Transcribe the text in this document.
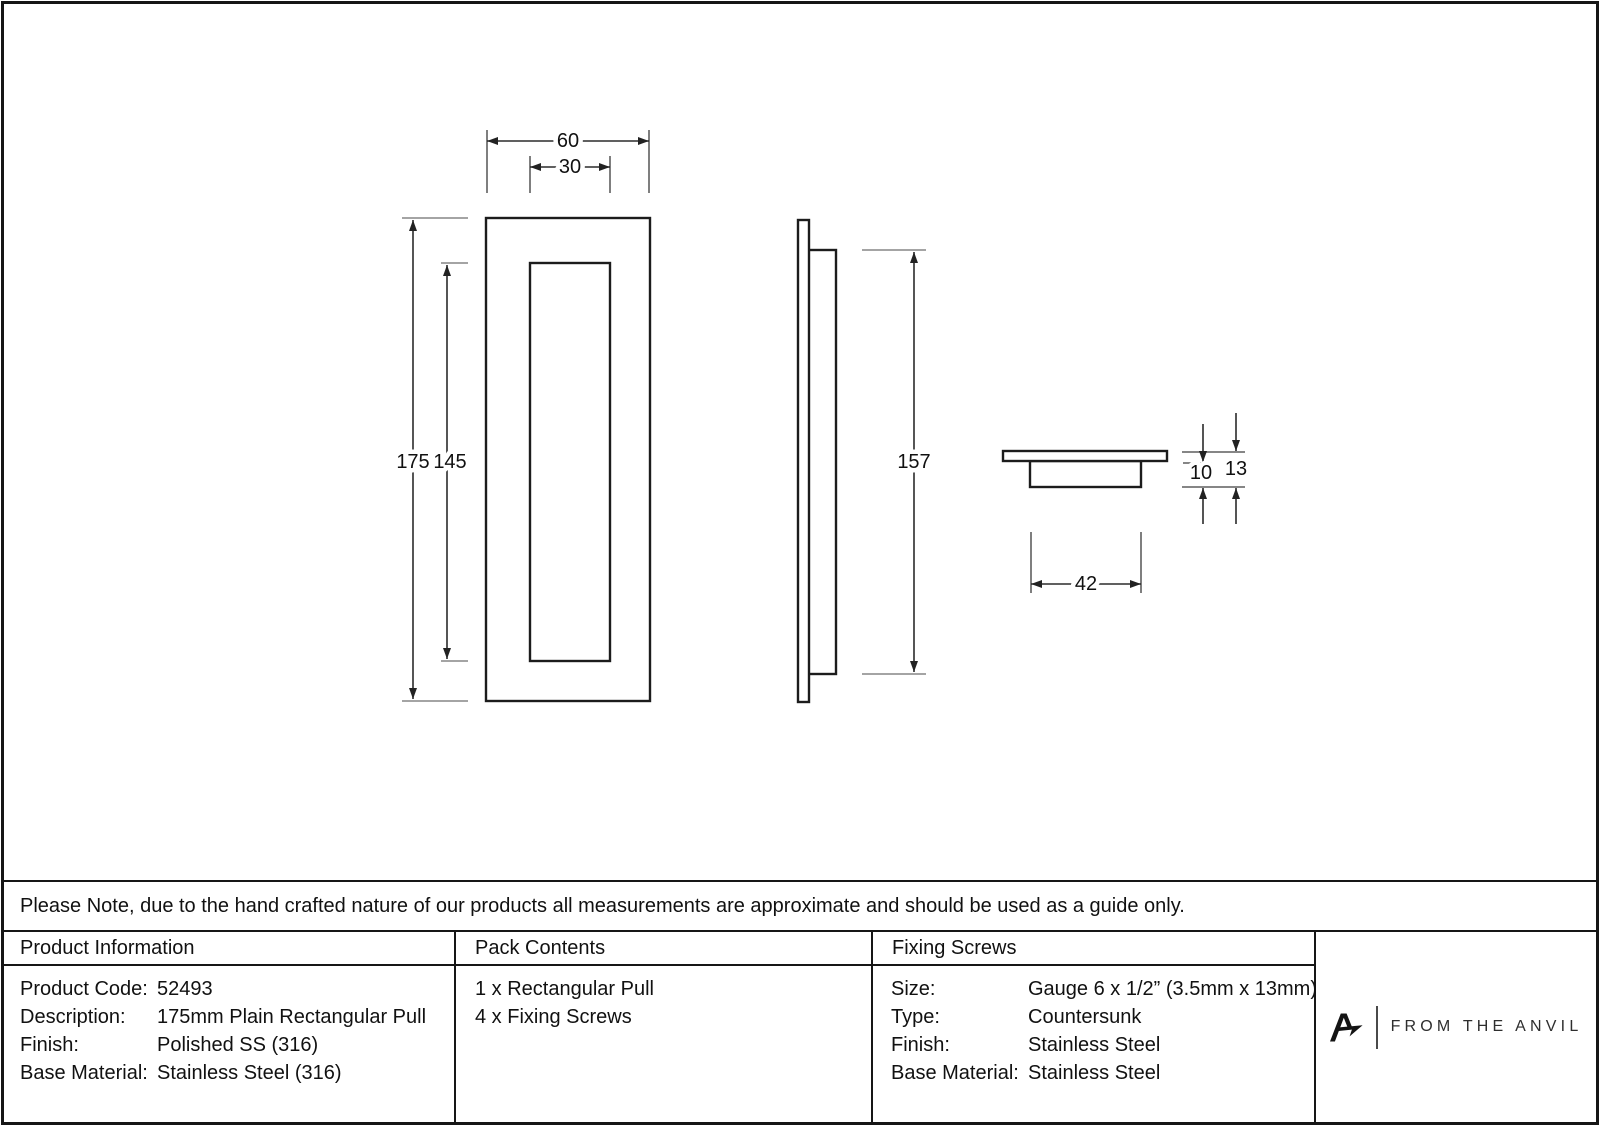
60
30
175 145	157	10 13
42
Please Note, due to the hand crafted nature of our products all measurements are approximate and should be used as a guide only.
Product Information
Product Code: 52493
Description:	175mm Plain Rectangular Pull
Finish:	Polished SS (316)
Base Material: Stainless Steel (316)
Pack Contents
1 x Rectangular Pull
4 x Fixing Screws
Fixing Screws
Size:	Gauge 6 x 1/2” (3.5mm x 13mm)
Type:	Countersunk
Finish:	Stainless Steel
Base Material: Stainless Steel
FROM THE ANVIL
